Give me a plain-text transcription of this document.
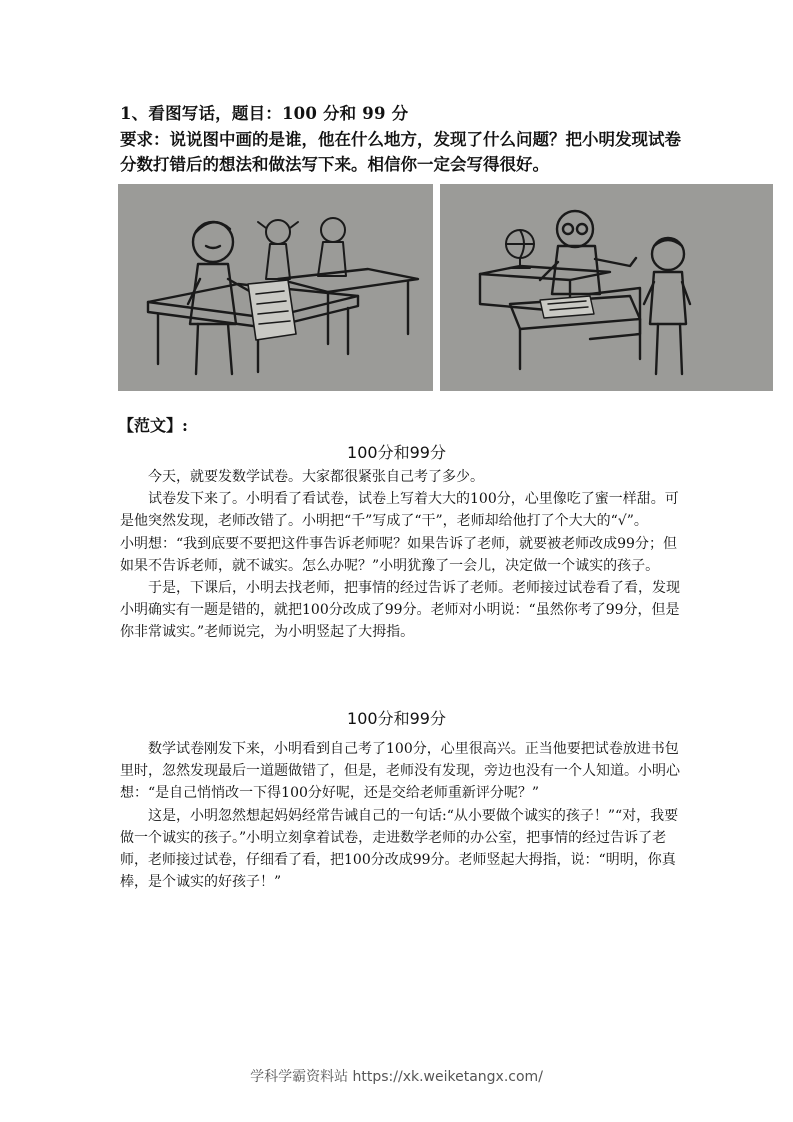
1、看图写话，题目：100 分和 99 分
要求：说说图中画的是谁，他在什么地方，发现了什么问题？把小明发现试卷分数打错后的想法和做法写下来。相信你一定会写得很好。
【范文】:
100分和99分

今天，就要发数学试卷。大家都很紧张自己考了多少。

试卷发下来了。小明看了看试卷，试卷上写着大大的100分，心里像吃了蜜一样甜。可是他突然发现，老师改错了。小明把“千”写成了“干”，老师却给他打了个大大的“√”。

小明想：“我到底要不要把这件事告诉老师呢？如果告诉了老师，就要被老师改成99分；但如果不告诉老师，就不诚实。怎么办呢？”小明犹豫了一会儿，决定做一个诚实的孩子。

于是，下课后，小明去找老师，把事情的经过告诉了老师。老师接过试卷看了看，发现小明确实有一题是错的，就把100分改成了99分。老师对小明说：“虽然你考了99分，但是你非常诚实。”老师说完，为小明竖起了大拇指。

100分和99分

数学试卷刚发下来，小明看到自己考了100分，心里很高兴。正当他要把试卷放进书包里时，忽然发现最后一道题做错了，但是，老师没有发现，旁边也没有一个人知道。小明心想：“是自己悄悄改一下得100分好呢，还是交给老师重新评分呢？”

这是，小明忽然想起妈妈经常告诫自己的一句话:“从小要做个诚实的孩子！”“对，我要做一个诚实的孩子。”小明立刻拿着试卷，走进数学老师的办公室，把事情的经过告诉了老师，老师接过试卷，仔细看了看，把100分改成99分。老师竖起大拇指，说：“明明，你真棒，是个诚实的好孩子！”

学科学霸资料站 https://xk.weiketangx.com/
